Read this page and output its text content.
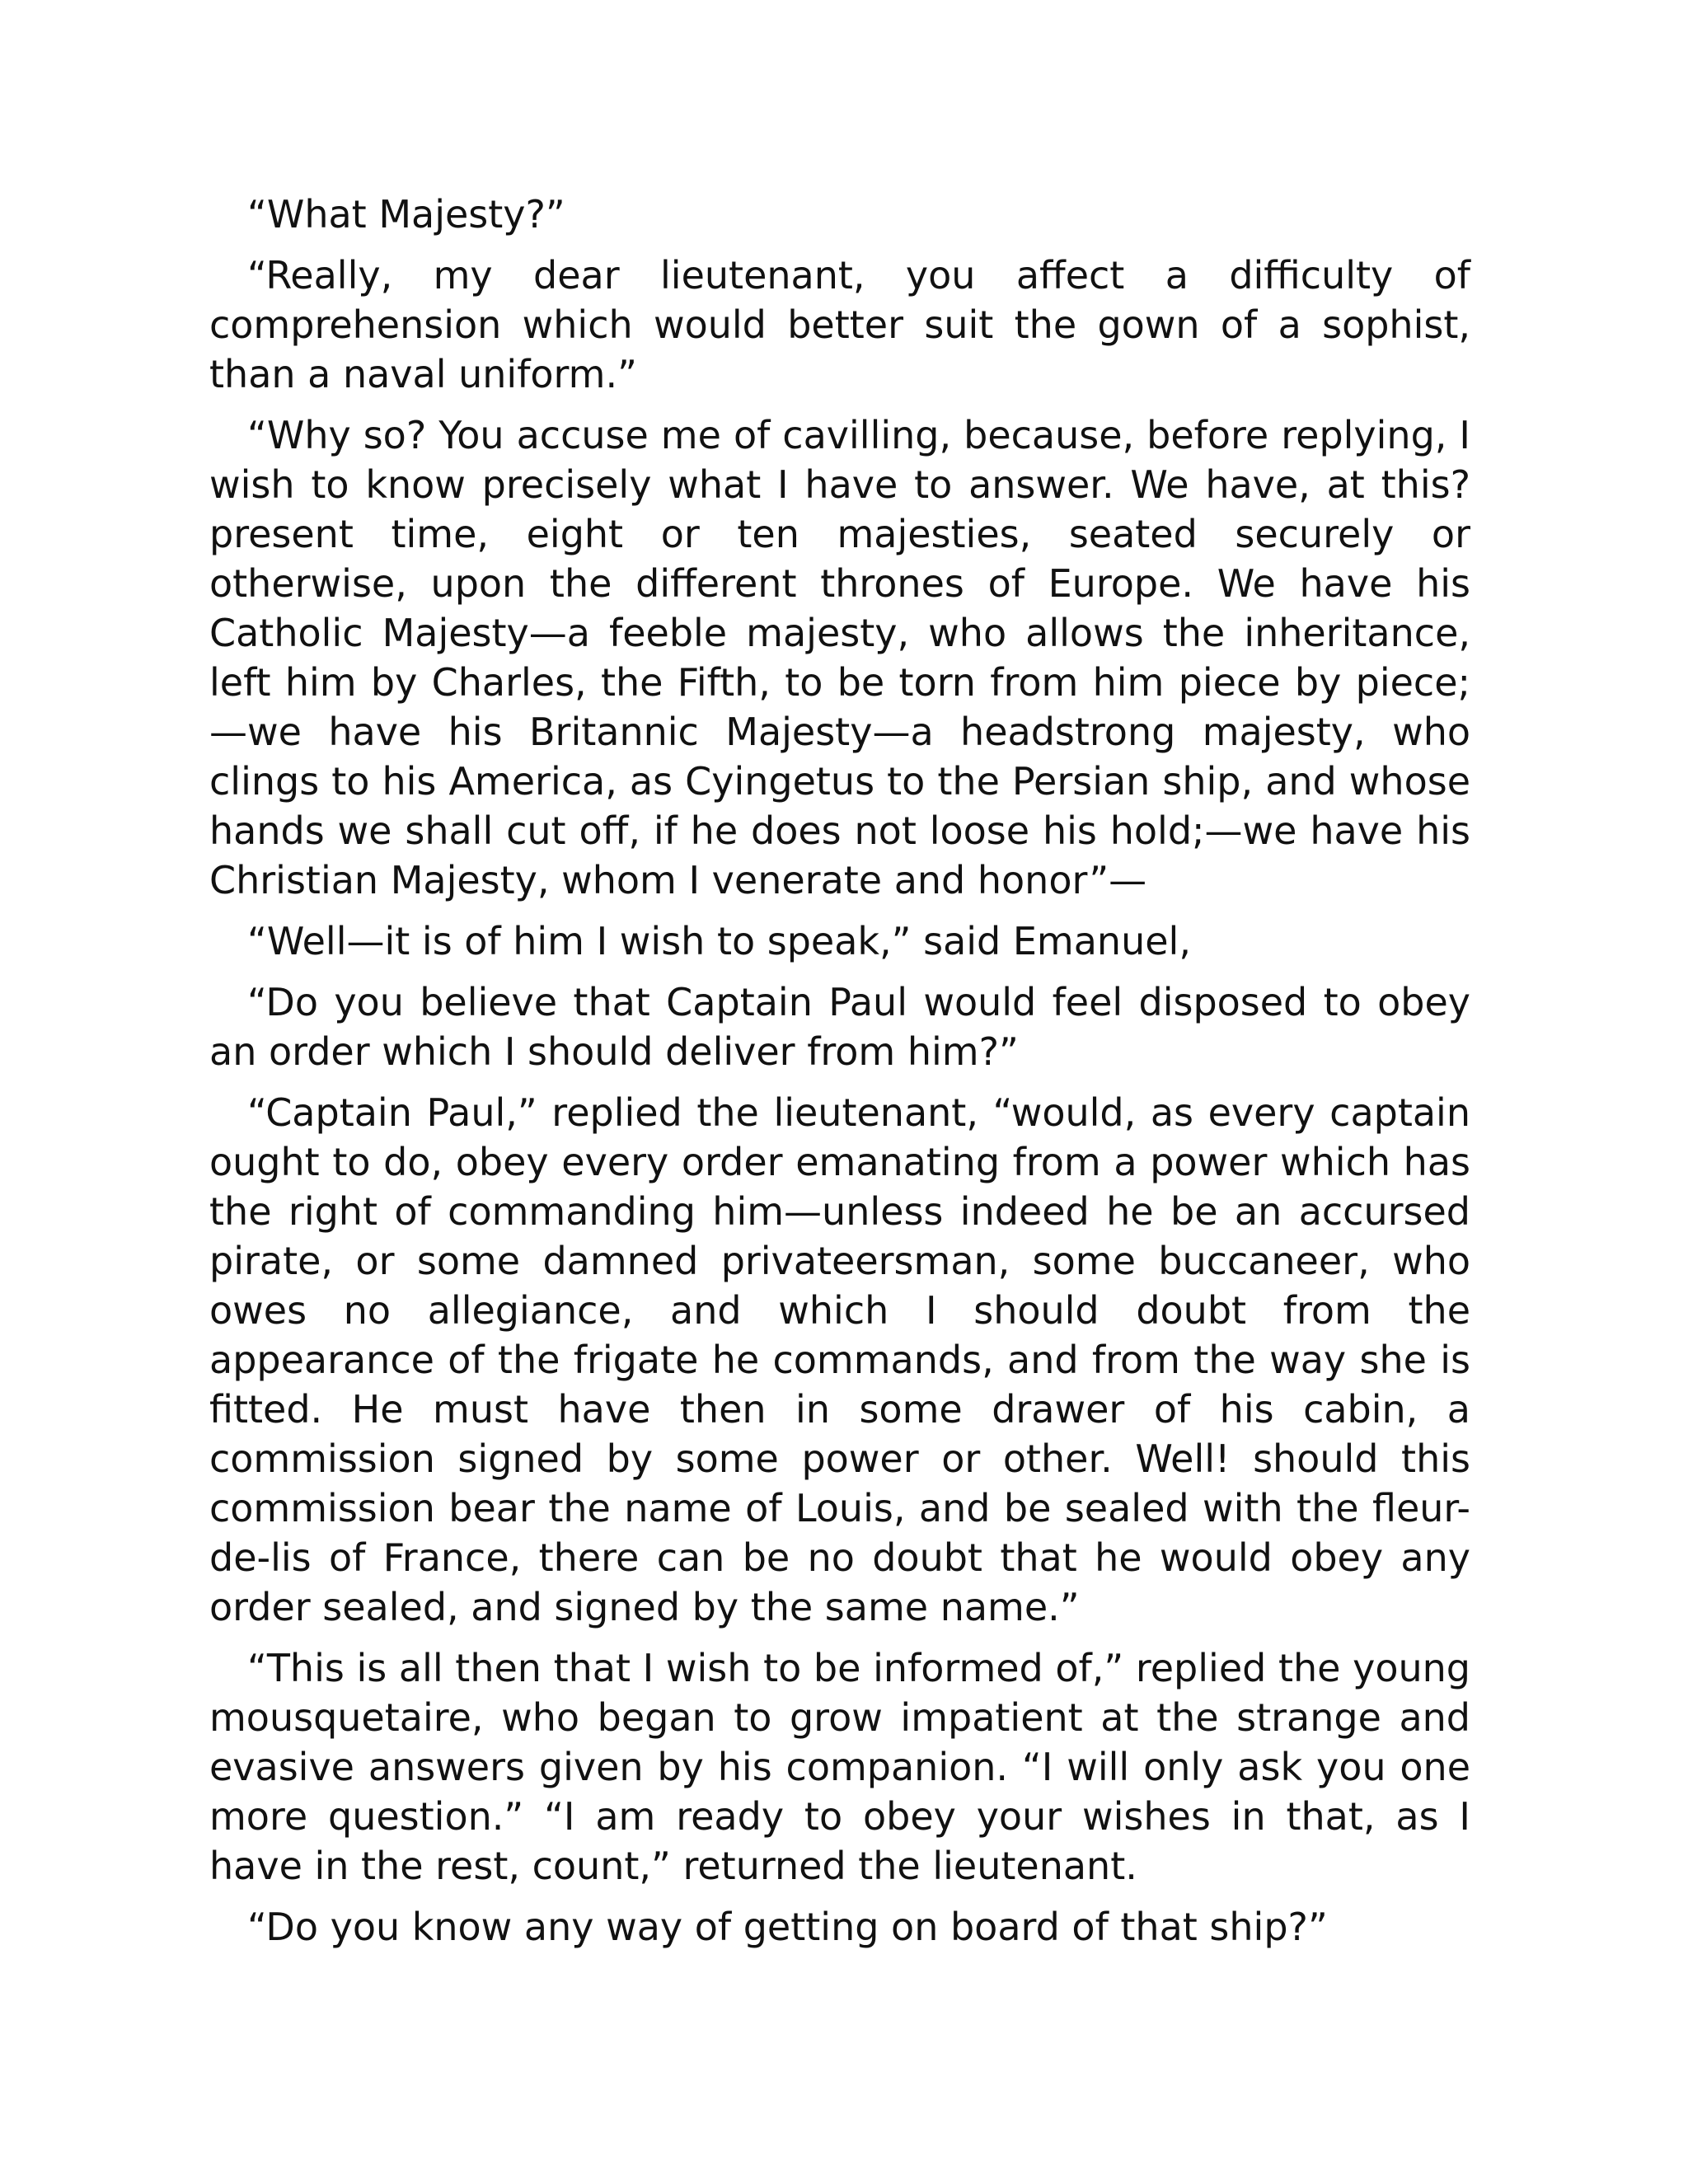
“What Majesty?”

“Really, my dear lieutenant, you affect a difficulty of comprehension which would better suit the gown of a sophist, than a naval uniform.”

“Why so? You accuse me of cavilling, because, before replying, I wish to know precisely what I have to answer. We have, at this? present time, eight or ten majesties, seated securely or otherwise, upon the different thrones of Europe. We have his Catholic Majesty—a feeble majesty, who allows the inheritance, left him by Charles, the Fifth, to be torn from him piece by piece;—we have his Britannic Majesty—a headstrong majesty, who clings to his America, as Cyingetus to the Persian ship, and whose hands we shall cut off, if he does not loose his hold;—we have his Christian Majesty, whom I venerate and honor”—

“Well—it is of him I wish to speak,” said Emanuel,

“Do you believe that Captain Paul would feel disposed to obey an order which I should deliver from him?”

“Captain Paul,” replied the lieutenant, “would, as every captain ought to do, obey every order emanating from a power which has the right of commanding him—unless indeed he be an accursed pirate, or some damned privateersman, some buccaneer, who owes no allegiance, and which I should doubt from the appearance of the frigate he commands, and from the way she is fitted. He must have then in some drawer of his cabin, a commission signed by some power or other. Well! should this commission bear the name of Louis, and be sealed with the fleur-de-lis of France, there can be no doubt that he would obey any order sealed, and signed by the same name.”

“This is all then that I wish to be informed of,” replied the young mousquetaire, who began to grow impatient at the strange and evasive answers given by his companion. “I will only ask you one more question.” “I am ready to obey your wishes in that, as I have in the rest, count,” returned the lieutenant.

“Do you know any way of getting on board of that ship?”
